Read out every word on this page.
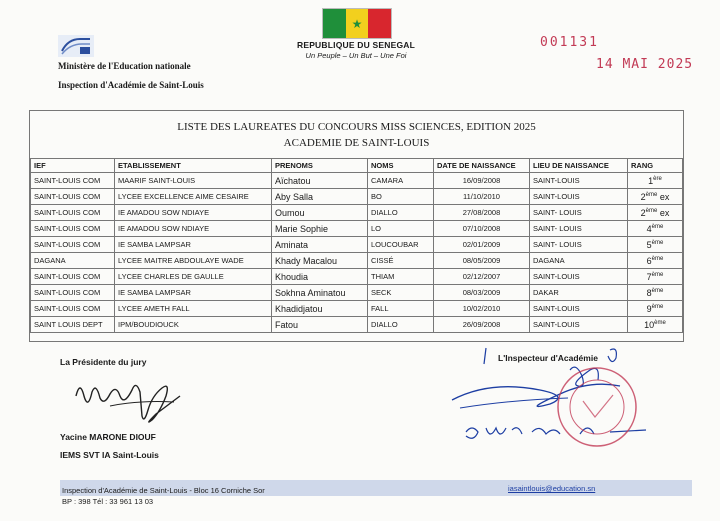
Ministère de l'Education nationale
Inspection d'Académie de Saint-Louis
★
REPUBLIQUE DU SENEGAL
Un Peuple – Un But – Une Foi
001131
14 MAI 2025
LISTE DES LAUREATES DU CONCOURS MISS SCIENCES, EDITION 2025
ACADEMIE DE SAINT-LOUIS
IEF	ETABLISSEMENT	PRENOMS	NOMS	DATE DE NAISSANCE	LIEU DE NAISSANCE	RANG
SAINT-LOUIS COM	MAARIF SAINT-LOUIS	Aïchatou	CAMARA	16/09/2008	SAINT-LOUIS	1ère
SAINT-LOUIS COM	LYCEE EXCELLENCE AIME CESAIRE	Aby Salla	BO	11/10/2010	SAINT-LOUIS	2ème ex
SAINT-LOUIS COM	IE AMADOU SOW NDIAYE	Oumou	DIALLO	27/08/2008	SAINT- LOUIS	2ème ex
SAINT-LOUIS COM	IE AMADOU SOW NDIAYE	Marie Sophie	LO	07/10/2008	SAINT- LOUIS	4ème
SAINT-LOUIS COM	IE SAMBA LAMPSAR	Aminata	LOUCOUBAR	02/01/2009	SAINT- LOUIS	5ème
DAGANA	LYCEE MAITRE ABDOULAYE WADE	Khady Macalou	CISSÉ	08/05/2009	DAGANA	6ème
SAINT-LOUIS COM	LYCEE CHARLES DE GAULLE	Khoudia	THIAM	02/12/2007	SAINT-LOUIS	7ème
SAINT-LOUIS COM	IE SAMBA LAMPSAR	Sokhna Aminatou	SECK	08/03/2009	DAKAR	8ème
SAINT-LOUIS COM	LYCEE AMETH FALL	Khadidjatou	FALL	10/02/2010	SAINT-LOUIS	9ème
SAINT LOUIS DEPT	IPM/BOUDIOUCK	Fatou	DIALLO	26/09/2008	SAINT-LOUIS	10ème
La Présidente du jury
Yacine MARONE DIOUF
IEMS SVT IA Saint-Louis
L'Inspecteur d'Académie
Inspection d'Académie de Saint-Louis - Bloc 16 Corniche Sor
BP : 398 Tél : 33 961 13 03
iasaintlouis@education.sn
